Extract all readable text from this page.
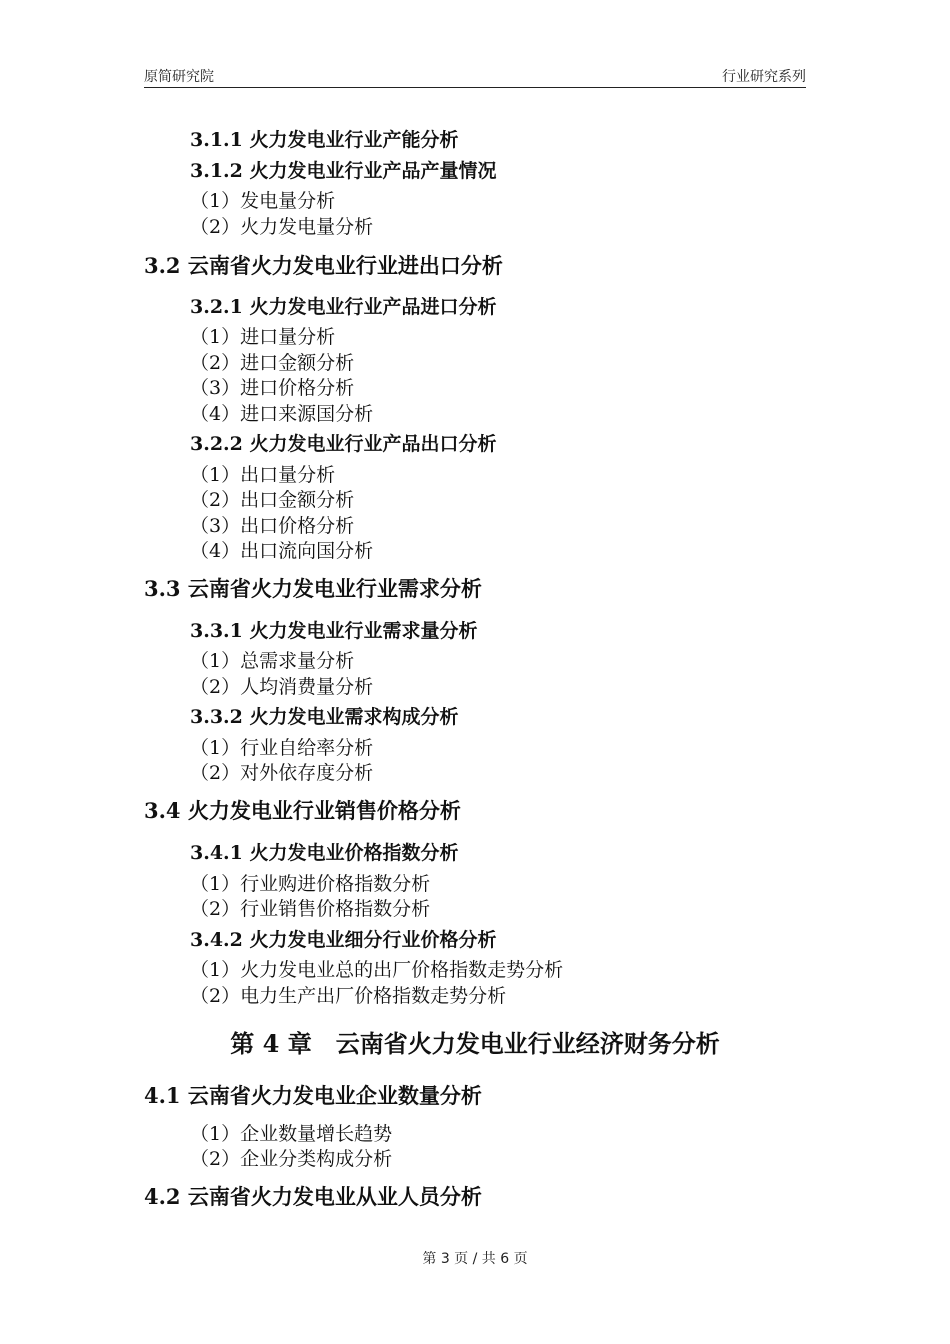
原简研究院	行业研究系列
3.1.1 火力发电业行业产能分析
3.1.2 火力发电业行业产品产量情况
（1）发电量分析
（2）火力发电量分析
3.2 云南省火力发电业行业进出口分析
3.2.1 火力发电业行业产品进口分析
（1）进口量分析
（2）进口金额分析
（3）进口价格分析
（4）进口来源国分析
3.2.2 火力发电业行业产品出口分析
（1）出口量分析
（2）出口金额分析
（3）出口价格分析
（4）出口流向国分析
3.3 云南省火力发电业行业需求分析
3.3.1 火力发电业行业需求量分析
（1）总需求量分析
（2）人均消费量分析
3.3.2 火力发电业需求构成分析
（1）行业自给率分析
（2）对外依存度分析
3.4 火力发电业行业销售价格分析
3.4.1 火力发电业价格指数分析
（1）行业购进价格指数分析
（2）行业销售价格指数分析
3.4.2 火力发电业细分行业价格分析
（1）火力发电业总的出厂价格指数走势分析
（2）电力生产出厂价格指数走势分析
第 4 章　云南省火力发电业行业经济财务分析
4.1 云南省火力发电业企业数量分析
（1）企业数量增长趋势
（2）企业分类构成分析
4.2 云南省火力发电业从业人员分析
第 3 页 / 共 6 页
